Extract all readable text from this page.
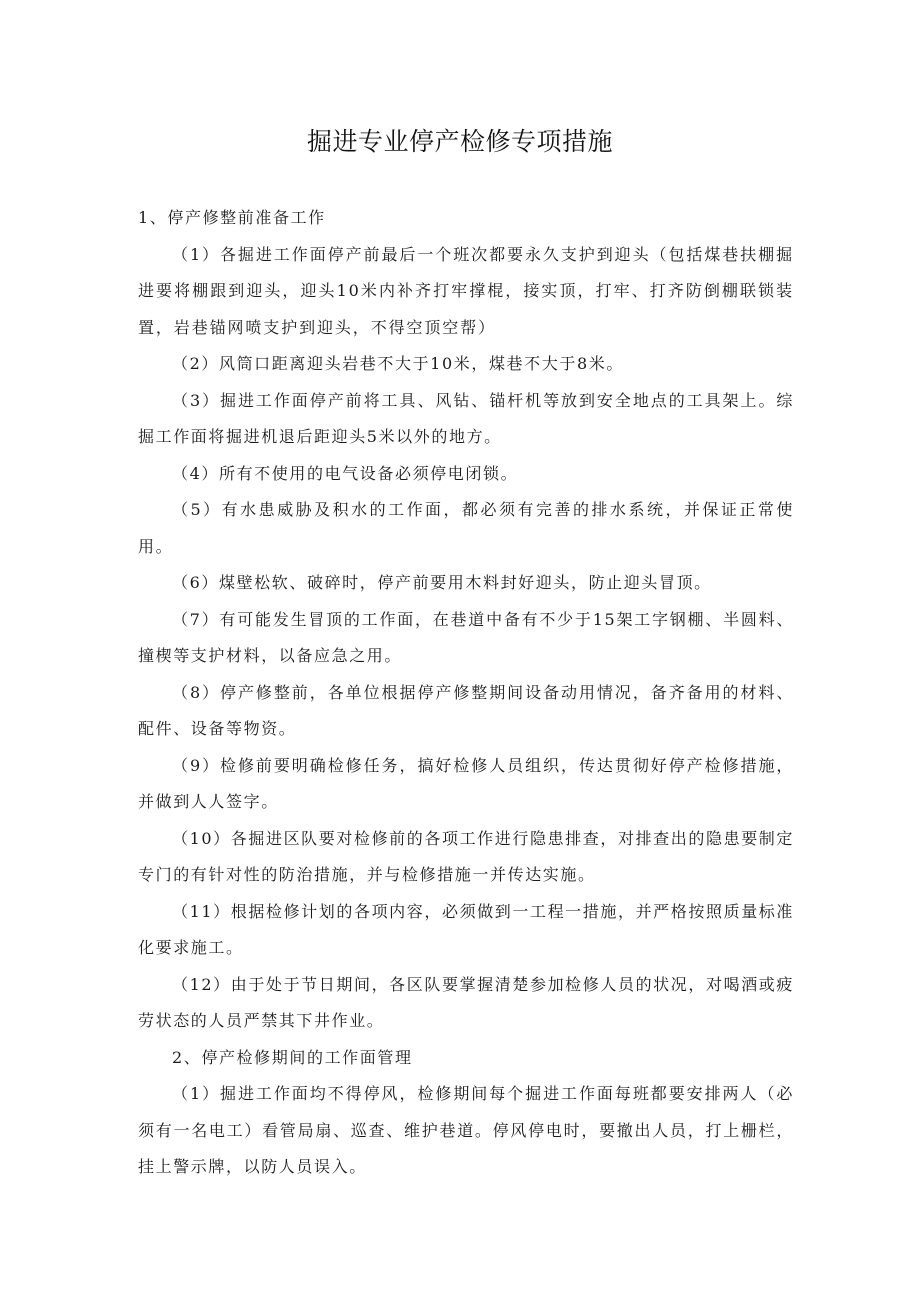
掘进专业停产检修专项措施

1、停产修整前准备工作

（1）各掘进工作面停产前最后一个班次都要永久支护到迎头（包括煤巷扶棚掘进要将棚跟到迎头，迎头10米内补齐打牢撑棍，接实顶，打牢、打齐防倒棚联锁装置，岩巷锚网喷支护到迎头，不得空顶空帮）

（2）风筒口距离迎头岩巷不大于10米，煤巷不大于8米。

（3）掘进工作面停产前将工具、风钻、锚杆机等放到安全地点的工具架上。综掘工作面将掘进机退后距迎头5米以外的地方。

（4）所有不使用的电气设备必须停电闭锁。

（5）有水患威胁及积水的工作面，都必须有完善的排水系统，并保证正常使用。

（6）煤壁松软、破碎时，停产前要用木料封好迎头，防止迎头冒顶。

（7）有可能发生冒顶的工作面，在巷道中备有不少于15架工字钢棚、半圆料、撞楔等支护材料，以备应急之用。

（8）停产修整前，各单位根据停产修整期间设备动用情况，备齐备用的材料、配件、设备等物资。

（9）检修前要明确检修任务，搞好检修人员组织，传达贯彻好停产检修措施，并做到人人签字。

（10）各掘进区队要对检修前的各项工作进行隐患排查，对排查出的隐患要制定专门的有针对性的防治措施，并与检修措施一并传达实施。

（11）根据检修计划的各项内容，必须做到一工程一措施，并严格按照质量标准化要求施工。

（12）由于处于节日期间，各区队要掌握清楚参加检修人员的状况，对喝酒或疲劳状态的人员严禁其下井作业。

2、停产检修期间的工作面管理

（1）掘进工作面均不得停风，检修期间每个掘进工作面每班都要安排两人（必须有一名电工）看管局扇、巡查、维护巷道。停风停电时，要撤出人员，打上栅栏，挂上警示牌，以防人员误入。
